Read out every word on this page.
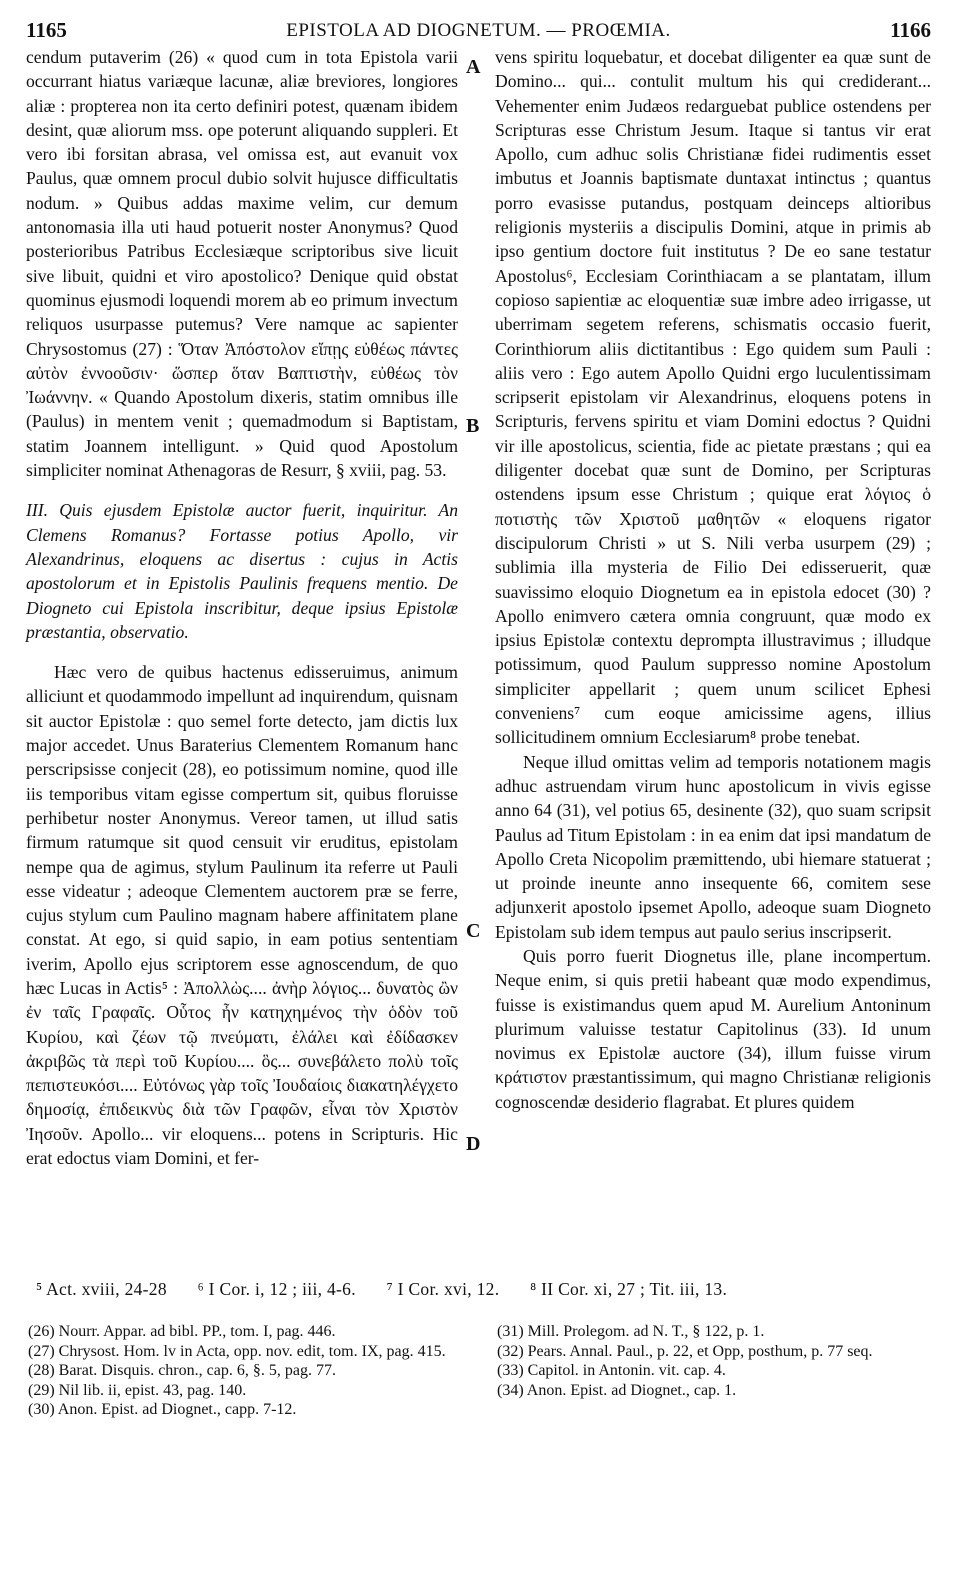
1165	EPISTOLA AD DIOGNETUM. — PROŒMIA.	1166

cendum putaverim (26) « quod cum in tota Epistola varii occurrant hiatus variæque lacunæ, aliæ breviores, longiores aliæ : propterea non ita certo definiri potest, quænam ibidem desint, quæ aliorum mss. ope poterunt aliquando suppleri. Et vero ibi forsitan abrasa, vel omissa est, aut evanuit vox Paulus, quæ omnem procul dubio solvit hujusce difficultatis nodum. » Quibus addas maxime velim, cur demum antonomasia illa uti haud potuerit noster Anonymus? Quod posterioribus Patribus Ecclesiæque scriptoribus sive licuit sive libuit, quidni et viro apostolico? Denique quid obstat quominus ejusmodi loquendi morem ab eo primum invectum reliquos usurpasse putemus? Vere namque ac sapienter Chrysostomus (27) : Ὅταν Ἀπόστολον εἴπῃς εὐθέως πάντες αὐτὸν ἐννοοῦσιν· ὥσπερ ὅταν Βαπτιστὴν, εὐθέως τὸν Ἰωάννην. « Quando Apostolum dixeris, statim omnibus ille (Paulus) in mentem venit ; quemadmodum si Baptistam, statim Joannem intelligunt. » Quid quod Apostolum simpliciter nominat Athenagoras de Resurr, § xviii, pag. 53.

III. Quis ejusdem Epistolæ auctor fuerit, inquiritur. An Clemens Romanus? Fortasse potius Apollo, vir Alexandrinus, eloquens ac disertus : cujus in Actis apostolorum et in Epistolis Paulinis frequens mentio. De Diogneto cui Epistola inscribitur, deque ipsius Epistolæ præstantia, observatio.

Hæc vero de quibus hactenus edisseruimus, animum alliciunt et quodammodo impellunt ad inquirendum, quisnam sit auctor Epistolæ : quo semel forte detecto, jam dictis lux major accedet. Unus Baraterius Clementem Romanum hanc perscripsisse conjecit (28), eo potissimum nomine, quod ille iis temporibus vitam egisse compertum sit, quibus floruisse perhibetur noster Anonymus. Vereor tamen, ut illud satis firmum ratumque sit quod censuit vir eruditus, epistolam nempe qua de agimus, stylum Paulinum ita referre ut Pauli esse videatur ; adeoque Clementem auctorem præ se ferre, cujus stylum cum Paulino magnam habere affinitatem plane constat. At ego, si quid sapio, in eam potius sententiam iverim, Apollo ejus scriptorem esse agnoscendum, de quo hæc Lucas in Actis⁵ : Ἀπολλὼς.... ἀνὴρ λόγιος... δυνατὸς ὢν ἐν ταῖς Γραφαῖς. Οὗτος ἦν κατηχημένος τὴν ὁδὸν τοῦ Κυρίου, καὶ ζέων τῷ πνεύματι, ἐλάλει καὶ ἐδίδασκεν ἀκριβῶς τὰ περὶ τοῦ Κυρίου.... ὃς... συνεβάλετο πολὺ τοῖς πεπιστευκόσι.... Εὐτόνως γὰρ τοῖς Ἰουδαίοις διακατηλέγχετο δημοσίᾳ, ἐπιδεικνὺς διὰ τῶν Γραφῶν, εἶναι τὸν Χριστὸν Ἰησοῦν. Apollo... vir eloquens... potens in Scripturis. Hic erat edoctus viam Domini, et fer-

A
B
C
D

vens spiritu loquebatur, et docebat diligenter ea quæ sunt de Domino... qui... contulit multum his qui crediderant... Vehementer enim Judæos redarguebat publice ostendens per Scripturas esse Christum Jesum. Itaque si tantus vir erat Apollo, cum adhuc solis Christianæ fidei rudimentis esset imbutus et Joannis baptismate duntaxat intinctus ; quantus porro evasisse putandus, postquam deinceps altioribus religionis mysteriis a discipulis Domini, atque in primis ab ipso gentium doctore fuit institutus ? De eo sane testatur Apostolus⁶, Ecclesiam Corinthiacam a se plantatam, illum copioso sapientiæ ac eloquentiæ suæ imbre adeo irrigasse, ut uberrimam segetem referens, schismatis occasio fuerit, Corinthiorum aliis dictitantibus : Ego quidem sum Pauli : aliis vero : Ego autem Apollo Quidni ergo luculentissimam scripserit epistolam vir Alexandrinus, eloquens potens in Scripturis, fervens spiritu et viam Domini edoctus ? Quidni vir ille apostolicus, scientia, fide ac pietate præstans ; qui ea diligenter docebat quæ sunt de Domino, per Scripturas ostendens ipsum esse Christum ; quique erat λόγιος ὁ ποτιστὴς τῶν Χριστοῦ μαθητῶν « eloquens rigator discipulorum Christi » ut S. Nili verba usurpem (29) ; sublimia illa mysteria de Filio Dei edisseruerit, quæ suavissimo eloquio Diognetum ea in epistola edocet (30) ? Apollo enimvero cætera omnia congruunt, quæ modo ex ipsius Epistolæ contextu deprompta illustravimus ; illudque potissimum, quod Paulum suppresso nomine Apostolum simpliciter appellarit ; quem unum scilicet Ephesi conveniens⁷ cum eoque amicissime agens, illius sollicitudinem omnium Ecclesiarum⁸ probe tenebat.

Neque illud omittas velim ad temporis notationem magis adhuc astruendam virum hunc apostolicum in vivis egisse anno 64 (31), vel potius 65, desinente (32), quo suam scripsit Paulus ad Titum Epistolam : in ea enim dat ipsi mandatum de Apollo Creta Nicopolim præmittendo, ubi hiemare statuerat ; ut proinde ineunte anno insequente 66, comitem sese adjunxerit apostolo ipsemet Apollo, adeoque suam Diogneto Epistolam sub idem tempus aut paulo serius inscripserit.

Quis porro fuerit Diognetus ille, plane incompertum. Neque enim, si quis pretii habeant quæ modo expendimus, fuisse is existimandus quem apud M. Aurelium Antoninum plurimum valuisse testatur Capitolinus (33). Id unum novimus ex Epistolæ auctore (34), illum fuisse virum κράτιστον præstantissimum, qui magno Christianæ religionis cognoscendæ desiderio flagrabat. Et plures quidem

⁵ Act. xviii, 24-28 ⁶ I Cor. i, 12 ; iii, 4-6. ⁷ I Cor. xvi, 12. ⁸ II Cor. xi, 27 ; Tit. iii, 13.
(26) Nourr. Appar. ad bibl. PP., tom. I, pag. 446.
(27) Chrysost. Hom. lv in Acta, opp. nov. edit, tom. IX, pag. 415.
(28) Barat. Disquis. chron., cap. 6, §. 5, pag. 77.
(29) Nil lib. ii, epist. 43, pag. 140.
(30) Anon. Epist. ad Diognet., capp. 7-12.
(31) Mill. Prolegom. ad N. T., § 122, p. 1.
(32) Pears. Annal. Paul., p. 22, et Opp, posthum, p. 77 seq.
(33) Capitol. in Antonin. vit. cap. 4.
(34) Anon. Epist. ad Diognet., cap. 1.
